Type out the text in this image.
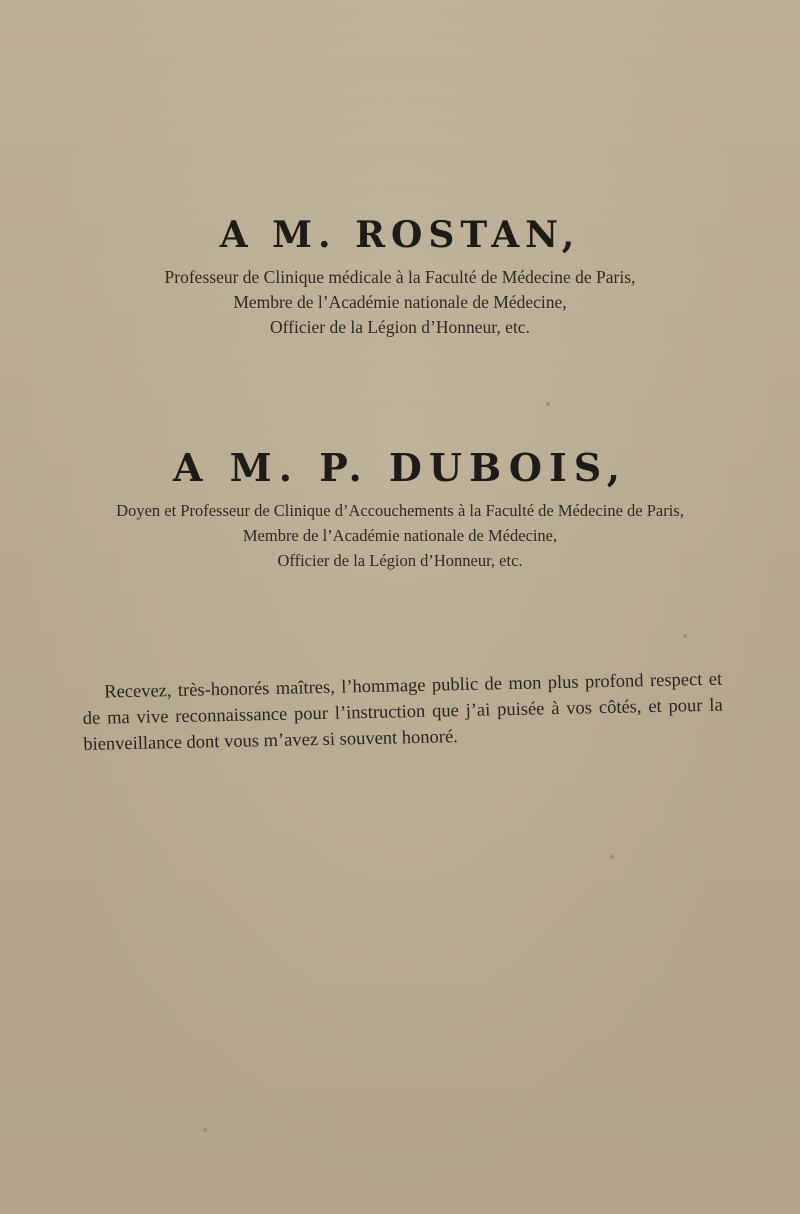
A M. ROSTAN,

Professeur de Clinique médicale à la Faculté de Médecine de Paris,

Membre de l’Académie nationale de Médecine,

Officier de la Légion d’Honneur, etc.

A M. P. DUBOIS,

Doyen et Professeur de Clinique d’Accouchements à la Faculté de Médecine de Paris,

Membre de l’Académie nationale de Médecine,

Officier de la Légion d’Honneur, etc.

Recevez, très-honorés maîtres, l’hommage public de mon plus profond respect et de ma vive reconnaissance pour l’instruction que j’ai puisée à vos côtés, et pour la bienveillance dont vous m’avez si souvent honoré.
